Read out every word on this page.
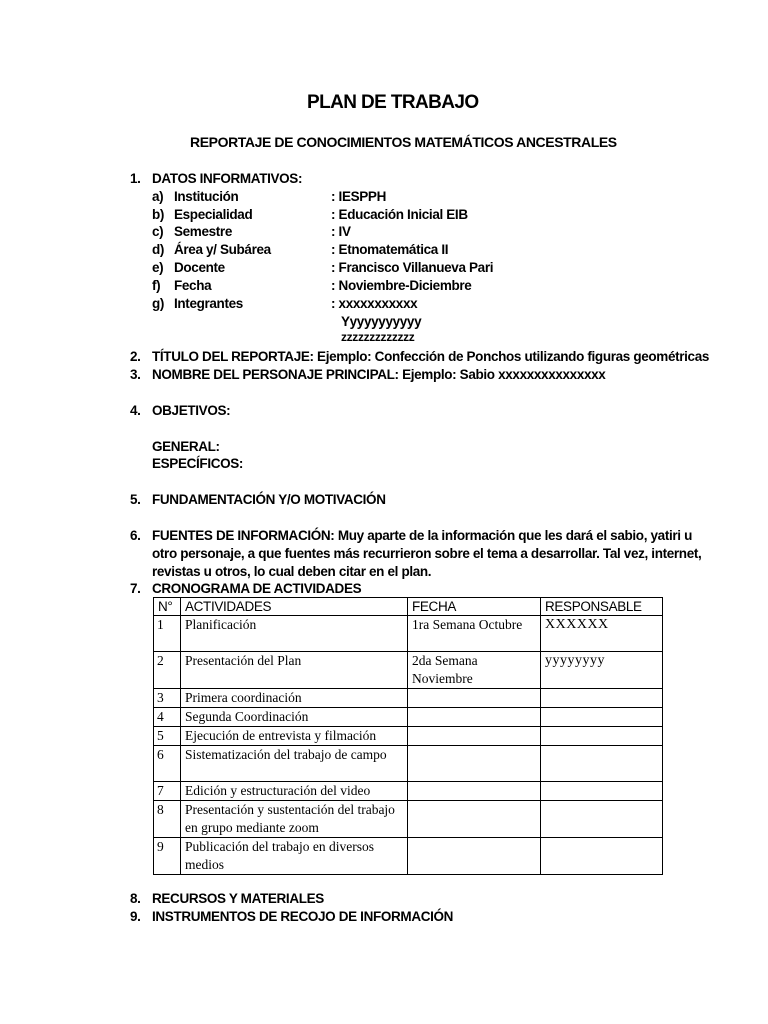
PLAN DE TRABAJO
REPORTAJE DE CONOCIMIENTOS MATEMÁTICOS ANCESTRALES
1. DATOS INFORMATIVOS:
a) Institución	: IESPPH
b) Especialidad	: Educación Inicial EIB
c) Semestre	: IV
d) Área y/ Subárea	: Etnomatemática II
e) Docente	: Francisco Villanueva Pari
f) Fecha	: Noviembre-Diciembre
g) Integrantes	: xxxxxxxxxxx
Yyyyyyyyyyy
zzzzzzzzzzzzz
2. TÍTULO DEL REPORTAJE: Ejemplo: Confección de Ponchos utilizando figuras geométricas
3. NOMBRE DEL PERSONAJE PRINCIPAL: Ejemplo: Sabio xxxxxxxxxxxxxxx
4. OBJETIVOS:
GENERAL:
ESPECÍFICOS:
5. FUNDAMENTACIÓN Y/O MOTIVACIÓN
6. FUENTES DE INFORMACIÓN: Muy aparte de la información que les dará el sabio, yatiri u
otro personaje, a que fuentes más recurrieron sobre el tema a desarrollar. Tal vez, internet,
revistas u otros, lo cual deben citar en el plan.
7. CRONOGRAMA DE ACTIVIDADES
N°	ACTIVIDADES	FECHA	RESPONSABLE
1	Planificación	1ra Semana Octubre	XXXXXX
2	Presentación del Plan	2da Semana Noviembre	yyyyyyyy
3	Primera coordinación		
4	Segunda Coordinación		
5	Ejecución de entrevista y filmación		
6	Sistematización del trabajo de campo		
7	Edición y estructuración del video		
8	Presentación y sustentación del trabajo en grupo mediante zoom		
9	Publicación del trabajo en diversos medios		
8. RECURSOS Y MATERIALES
9. INSTRUMENTOS DE RECOJO DE INFORMACIÓN
